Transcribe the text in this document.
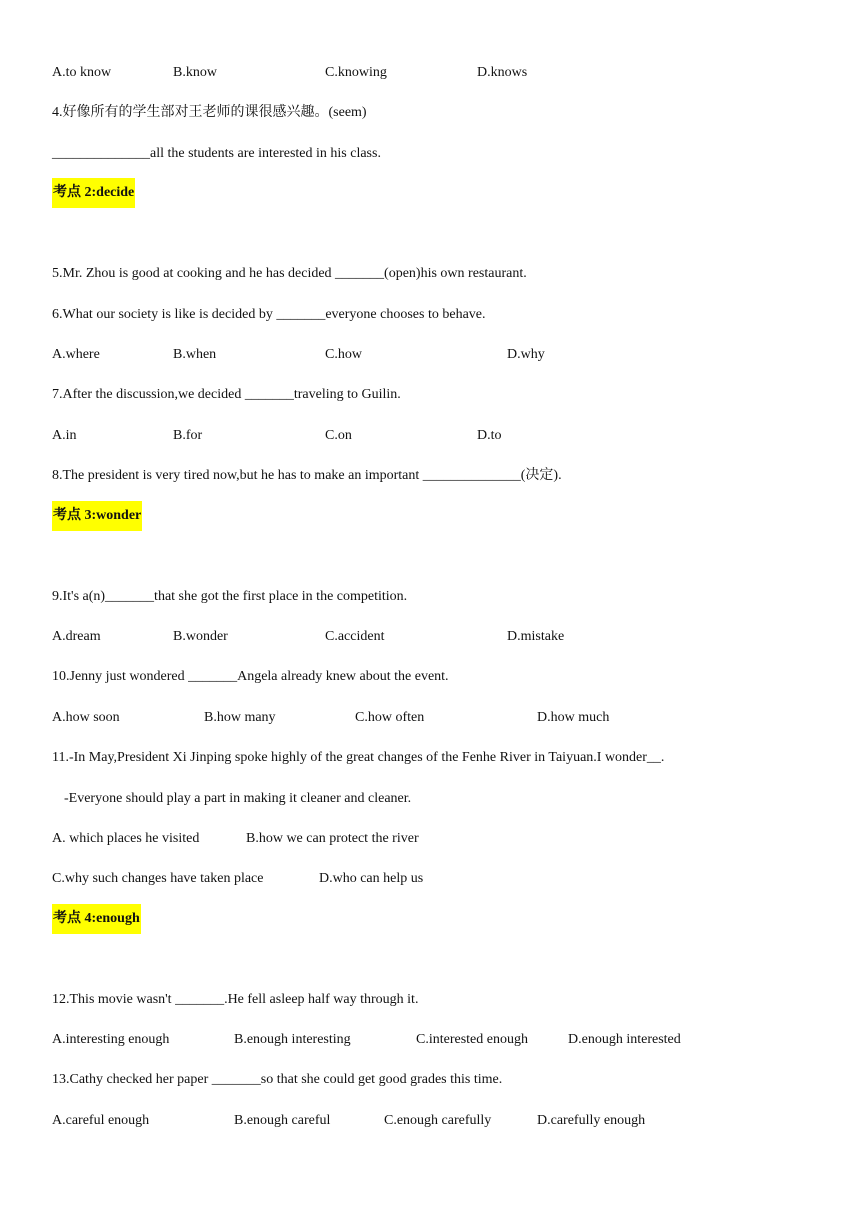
A.to know	B.know	C.knowing	D.knows
4.好像所有的学生部对王老师的课很感兴趣。(seem)
______________all the students are interested in his class.
考点 2:decide
5.Mr. Zhou is good at cooking and he has decided _______(open)his own restaurant.
6.What our society is like is decided by _______everyone chooses to behave.
A.where	B.when	C.how	D.why
7.After the discussion,we decided _______traveling to Guilin.
A.in	B.for	C.on	D.to
8.The president is very tired now,but he has to make an important ______________(决定).
考点 3:wonder
9.It's a(n)_______that she got the first place in the competition.
A.dream	B.wonder	C.accident	D.mistake
10.Jenny just wondered _______Angela already knew about the event.
A.how soon	B.how many	C.how often	D.how much
11.-In May,President Xi Jinping spoke highly of the great changes of the Fenhe River in Taiyuan.I wonder__.
-Everyone should play a part in making it cleaner and cleaner.
A. which places he visited	B.how we can protect the river
C.why such changes have taken place	D.who can help us
考点 4:enough
12.This movie wasn't _______.He fell asleep half way through it.
A.interesting enough	B.enough interesting	C.interested enough	D.enough interested
13.Cathy checked her paper _______so that she could get good grades this time.
A.careful enough	B.enough careful	C.enough carefully	D.carefully enough
